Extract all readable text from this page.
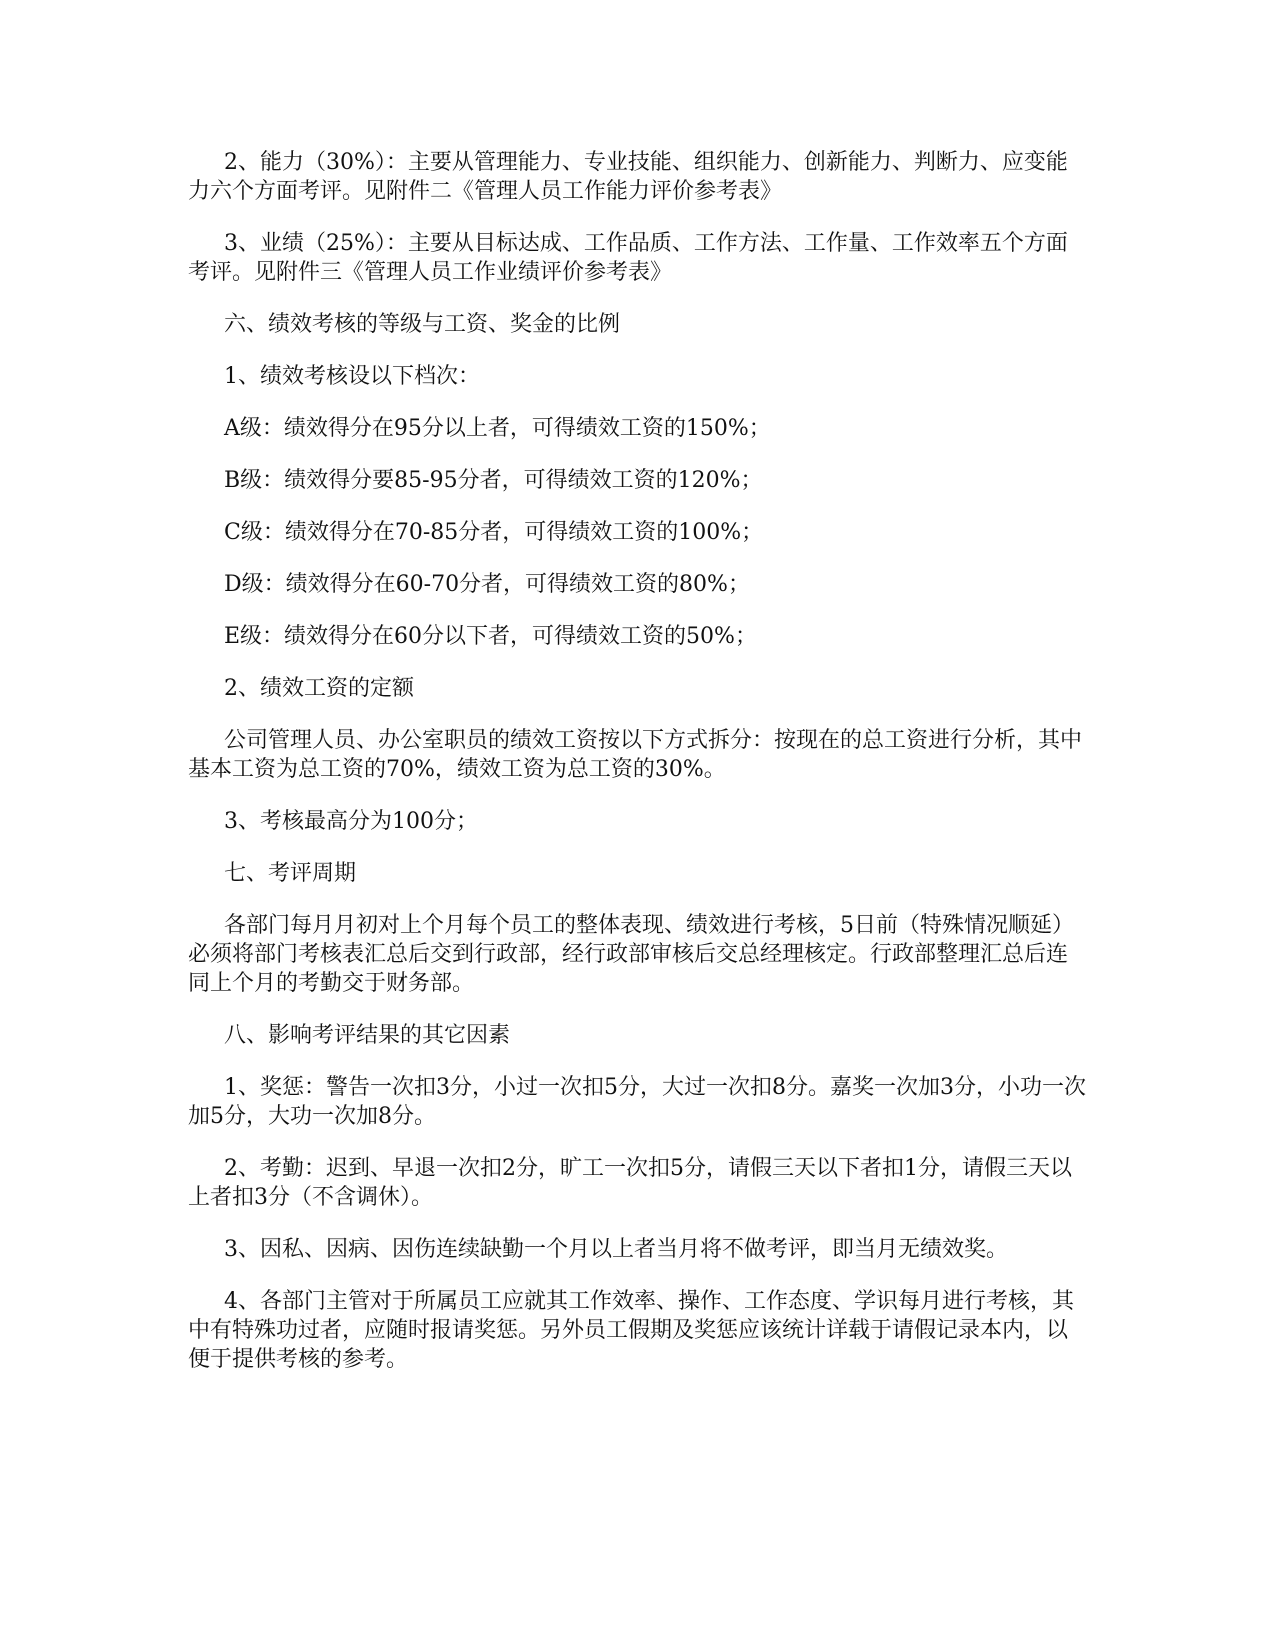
2、能力（30%）：主要从管理能力、专业技能、组织能力、创新能力、判断力、应变能力六个方面考评。见附件二《管理人员工作能力评价参考表》

3、业绩（25%）：主要从目标达成、工作品质、工作方法、工作量、工作效率五个方面考评。见附件三《管理人员工作业绩评价参考表》

六、绩效考核的等级与工资、奖金的比例

1、绩效考核设以下档次：

A级：绩效得分在95分以上者，可得绩效工资的150%；

B级：绩效得分要85-95分者，可得绩效工资的120%；

C级：绩效得分在70-85分者，可得绩效工资的100%；

D级：绩效得分在60-70分者，可得绩效工资的80%；

E级：绩效得分在60分以下者，可得绩效工资的50%；

2、绩效工资的定额

公司管理人员、办公室职员的绩效工资按以下方式拆分：按现在的总工资进行分析，其中基本工资为总工资的70%，绩效工资为总工资的30%。

3、考核最高分为100分；

七、考评周期

各部门每月月初对上个月每个员工的整体表现、绩效进行考核，5日前（特殊情况顺延）必须将部门考核表汇总后交到行政部，经行政部审核后交总经理核定。行政部整理汇总后连同上个月的考勤交于财务部。

八、影响考评结果的其它因素

1、奖惩：警告一次扣3分，小过一次扣5分，大过一次扣8分。嘉奖一次加3分，小功一次加5分，大功一次加8分。

2、考勤：迟到、早退一次扣2分，旷工一次扣5分，请假三天以下者扣1分，请假三天以上者扣3分（不含调休）。

3、因私、因病、因伤连续缺勤一个月以上者当月将不做考评，即当月无绩效奖。

4、各部门主管对于所属员工应就其工作效率、操作、工作态度、学识每月进行考核，其中有特殊功过者，应随时报请奖惩。另外员工假期及奖惩应该统计详载于请假记录本内，以便于提供考核的参考。
